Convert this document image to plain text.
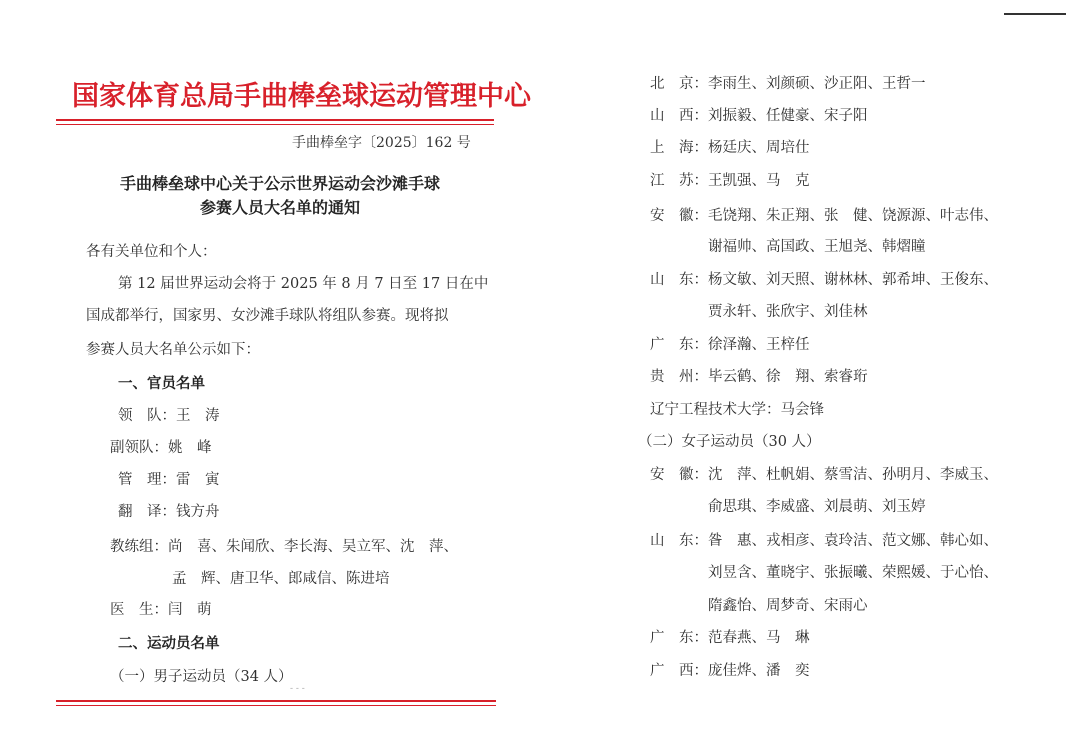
国家体育总局手曲棒垒球运动管理中心
手曲棒垒字〔2025〕162 号
手曲棒垒球中心关于公示世界运动会沙滩手球
参赛人员大名单的通知
各有关单位和个人：
第 12 届世界运动会将于 2025 年 8 月 7 日至 17 日在中
国成都举行，国家男、女沙滩手球队将组队参赛。现将拟
参赛人员大名单公示如下：
一、官员名单
领　队：王　涛
副领队：姚　峰
管　理：雷　寅
翻　译：钱方舟
教练组：尚　喜、朱闻欣、李长海、吴立军、沈　萍、
孟　辉、唐卫华、郎咸信、陈进培
医　生：闫　萌
二、运动员名单
（一）男子运动员（34 人）
- - -
北　京：李雨生、刘颜硕、沙正阳、王哲一
山　西：刘振毅、任健豪、宋子阳
上　海：杨廷庆、周培仕
江　苏：王凯强、马　克
安　徽：毛饶翔、朱正翔、张　健、饶源源、叶志伟、
谢福帅、高国政、王旭尧、韩熠瞳
山　东：杨文敏、刘天照、谢林林、郭希坤、王俊东、
贾永轩、张欣宇、刘佳林
广　东：徐泽瀚、王梓任
贵　州：毕云鹤、徐　翔、索睿珩
辽宁工程技术大学：马会锋
（二）女子运动员（30 人）
安　徽：沈　萍、杜帆娟、蔡雪洁、孙明月、李威玉、
俞思琪、李威盛、刘晨萌、刘玉婷
山　东：昝　惠、戎相彦、袁玲洁、范文娜、韩心如、
刘昱含、董晓宇、张振曦、荣熙媛、于心怡、
隋鑫怡、周梦奇、宋雨心
广　东：范春燕、马　琳
广　西：庞佳烨、潘　奕
